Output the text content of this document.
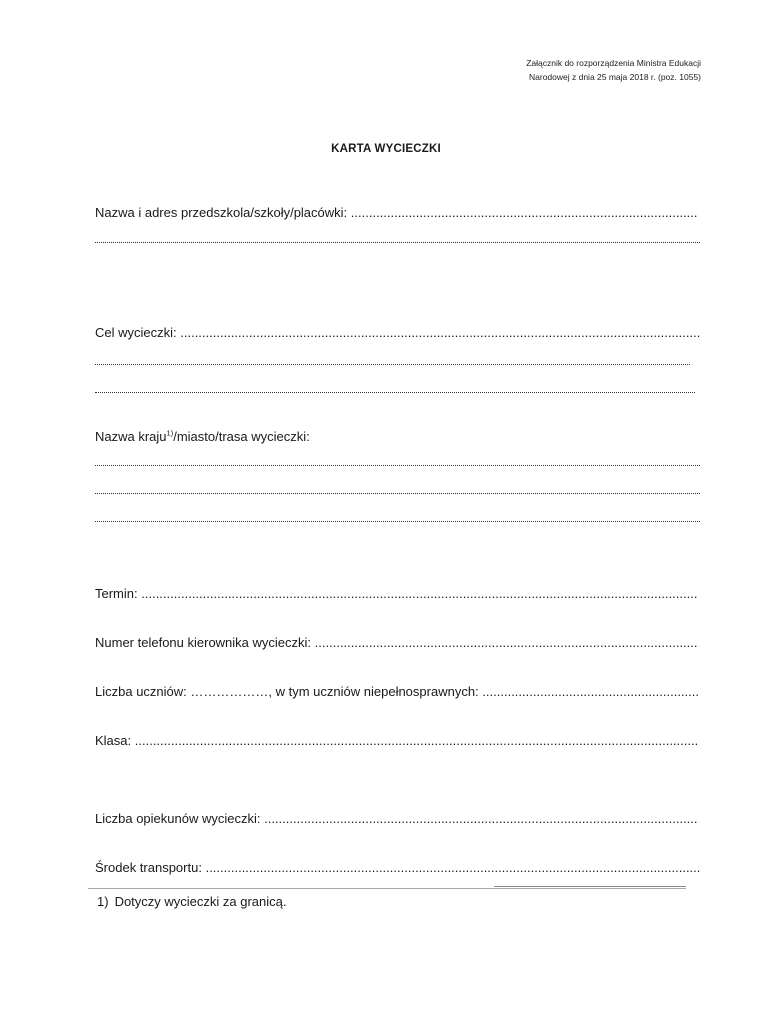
Załącznik do rozporządzenia Ministra Edukacji
Narodowej z dnia 25 maja 2018 r. (poz. 1055)
KARTA WYCIECZKI
Nazwa i adres przedszkola/szkoły/placówki: ................................................................................................
Cel wycieczki: ................................................................................................................................................
Nazwa kraju$^{1)}$/miasto/trasa wycieczki:
Termin: ..........................................................................................................................................................
Numer telefonu kierownika wycieczki: ..........................................................................................................
Liczba uczniów: ………………, w tym uczniów niepełnosprawnych: ............................................................
Klasa: ............................................................................................................................................................
Liczba opiekunów wycieczki: ........................................................................................................................
Środek transportu: .........................................................................................................................................
1) Dotyczy wycieczki za granicą.
